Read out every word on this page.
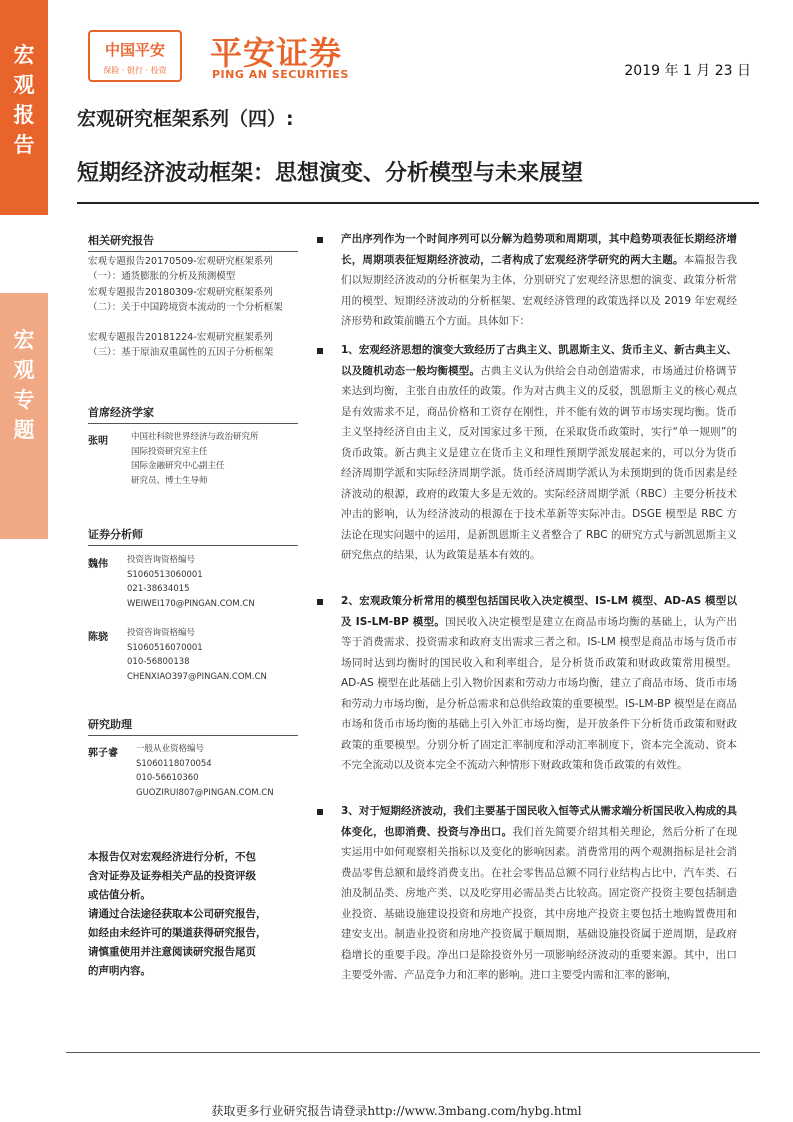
宏
观
报
告
宏
观
专
题
中国平安
保险 · 银行 · 投资	平安证券
PING AN SECURITIES	2019 年 1 月 23 日
宏观研究框架系列（四）:
短期经济波动框架：思想演变、分析模型与未来展望
相关研究报告
宏观专题报告20170509-宏观研究框架系列（一）：通货膨胀的分析及预测模型
宏观专题报告20180309-宏观研究框架系列（二）：关于中国跨境资本流动的一个分析框架
宏观专题报告20181224-宏观研究框架系列（三）：基于原油双重属性的五因子分析框架
首席经济学家
张明	中国社科院世界经济与政治研究所
国际投资研究室主任
国际金融研究中心副主任
研究员、博士生导师
证券分析师
魏伟 投资咨询资格编号
S1060513060001
021-38634015
WEIWEI170@PINGAN.COM.CN
陈骁 投资咨询资格编号
S1060516070001
010-56800138
CHENXIAO397@PINGAN.COM.CN
研究助理
郭子睿 一般从业资格编号
S1060118070054
010-56610360
GUOZIRUI807@PINGAN.COM.CN
本报告仅对宏观经济进行分析，不包
含对证券及证券相关产品的投资评级
或估值分析。
请通过合法途径获取本公司研究报告，
如经由未经许可的渠道获得研究报告，
请慎重使用并注意阅读研究报告尾页
的声明内容。
产出序列作为一个时间序列可以分解为趋势项和周期项，其中趋势项表征长期经济增长，周期项表征短期经济波动，二者构成了宏观经济学研究的两大主题。本篇报告我们以短期经济波动的分析框架为主体，分别研究了宏观经济思想的演变、政策分析常用的模型、短期经济波动的分析框架、宏观经济管理的政策选择以及 2019 年宏观经济形势和政策前瞻五个方面。具体如下：
1、宏观经济思想的演变大致经历了古典主义、凯恩斯主义、货币主义、新古典主义、以及随机动态一般均衡模型。古典主义认为供给会自动创造需求，市场通过价格调节来达到均衡，主张自由放任的政策。作为对古典主义的反驳，凯恩斯主义的核心观点是有效需求不足，商品价格和工资存在刚性，并不能有效的调节市场实现均衡。货币主义坚持经济自由主义，反对国家过多干预，在采取货币政策时，实行“单一规则”的货币政策。新古典主义是建立在货币主义和理性预期学派发展起来的，可以分为货币经济周期学派和实际经济周期学派。货币经济周期学派认为未预期到的货币因素是经济波动的根源，政府的政策大多是无效的。实际经济周期学派（RBC）主要分析技术冲击的影响，认为经济波动的根源在于技术革新等实际冲击。DSGE 模型是 RBC 方法论在现实问题中的运用，是新凯恩斯主义者整合了 RBC 的研究方式与新凯恩斯主义研究焦点的结果，认为政策是基本有效的。
2、宏观政策分析常用的模型包括国民收入决定模型、IS-LM 模型、AD-AS 模型以及 IS-LM-BP 模型。国民收入决定模型是建立在商品市场均衡的基础上，认为产出等于消费需求、投资需求和政府支出需求三者之和。IS-LM 模型是商品市场与货币市场同时达到均衡时的国民收入和利率组合，是分析货币政策和财政政策常用模型。AD-AS 模型在此基础上引入物价因素和劳动力市场均衡，建立了商品市场、货币市场和劳动力市场均衡，是分析总需求和总供给政策的重要模型。IS-LM-BP 模型是在商品市场和货币市场均衡的基础上引入外汇市场均衡，是开放条件下分析货币政策和财政政策的重要模型。分别分析了固定汇率制度和浮动汇率制度下，资本完全流动、资本不完全流动以及资本完全不流动六种情形下财政政策和货币政策的有效性。
3、对于短期经济波动，我们主要基于国民收入恒等式从需求端分析国民收入构成的具体变化，也即消费、投资与净出口。我们首先简要介绍其相关理论，然后分析了在现实运用中如何观察相关指标以及变化的影响因素。消费常用的两个观测指标是社会消费品零售总额和最终消费支出。在社会零售品总额不同行业结构占比中，汽车类、石油及制品类、房地产类、以及吃穿用必需品类占比较高。固定资产投资主要包括制造业投资、基础设施建设投资和房地产投资，其中房地产投资主要包括土地购置费用和建安支出。制造业投资和房地产投资属于顺周期，基础设施投资属于逆周期，是政府稳增长的重要手段。净出口是除投资外另一项影响经济波动的重要来源。其中，出口主要受外需、产品竞争力和汇率的影响。进口主要受内需和汇率的影响，
获取更多行业研究报告请登录http://www.3mbang.com/hybg.html
